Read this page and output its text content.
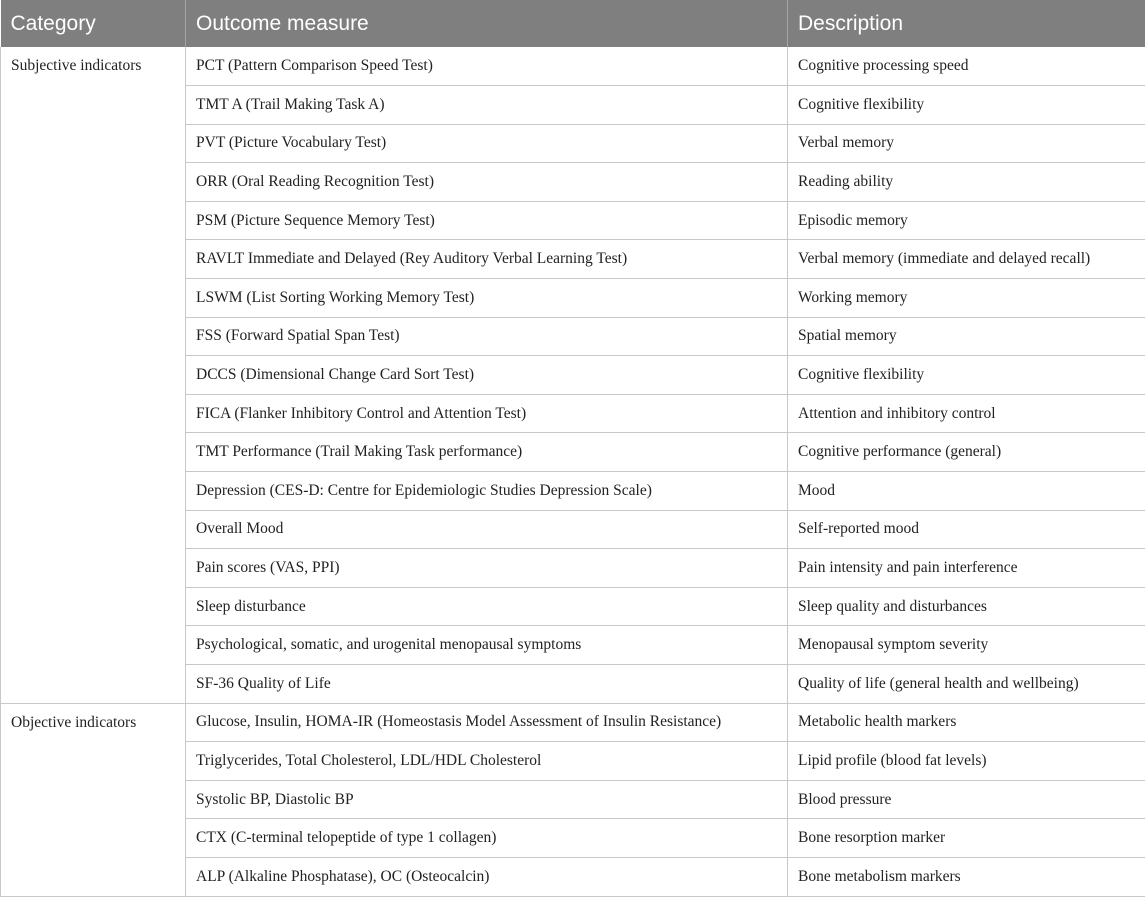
Category	Outcome measure	Description
Subjective indicators	PCT (Pattern Comparison Speed Test)	Cognitive processing speed
	TMT A (Trail Making Task A)	Cognitive flexibility
	PVT (Picture Vocabulary Test)	Verbal memory
	ORR (Oral Reading Recognition Test)	Reading ability
	PSM (Picture Sequence Memory Test)	Episodic memory
	RAVLT Immediate and Delayed (Rey Auditory Verbal Learning Test)	Verbal memory (immediate and delayed recall)
	LSWM (List Sorting Working Memory Test)	Working memory
	FSS (Forward Spatial Span Test)	Spatial memory
	DCCS (Dimensional Change Card Sort Test)	Cognitive flexibility
	FICA (Flanker Inhibitory Control and Attention Test)	Attention and inhibitory control
	TMT Performance (Trail Making Task performance)	Cognitive performance (general)
	Depression (CES-D: Centre for Epidemiologic Studies Depression Scale)	Mood
	Overall Mood	Self-reported mood
	Pain scores (VAS, PPI)	Pain intensity and pain interference
	Sleep disturbance	Sleep quality and disturbances
	Psychological, somatic, and urogenital menopausal symptoms	Menopausal symptom severity
	SF-36 Quality of Life	Quality of life (general health and wellbeing)
Objective indicators	Glucose, Insulin, HOMA-IR (Homeostasis Model Assessment of Insulin Resistance)	Metabolic health markers
	Triglycerides, Total Cholesterol, LDL/HDL Cholesterol	Lipid profile (blood fat levels)
	Systolic BP, Diastolic BP	Blood pressure
	CTX (C-terminal telopeptide of type 1 collagen)	Bone resorption marker
	ALP (Alkaline Phosphatase), OC (Osteocalcin)	Bone metabolism markers
